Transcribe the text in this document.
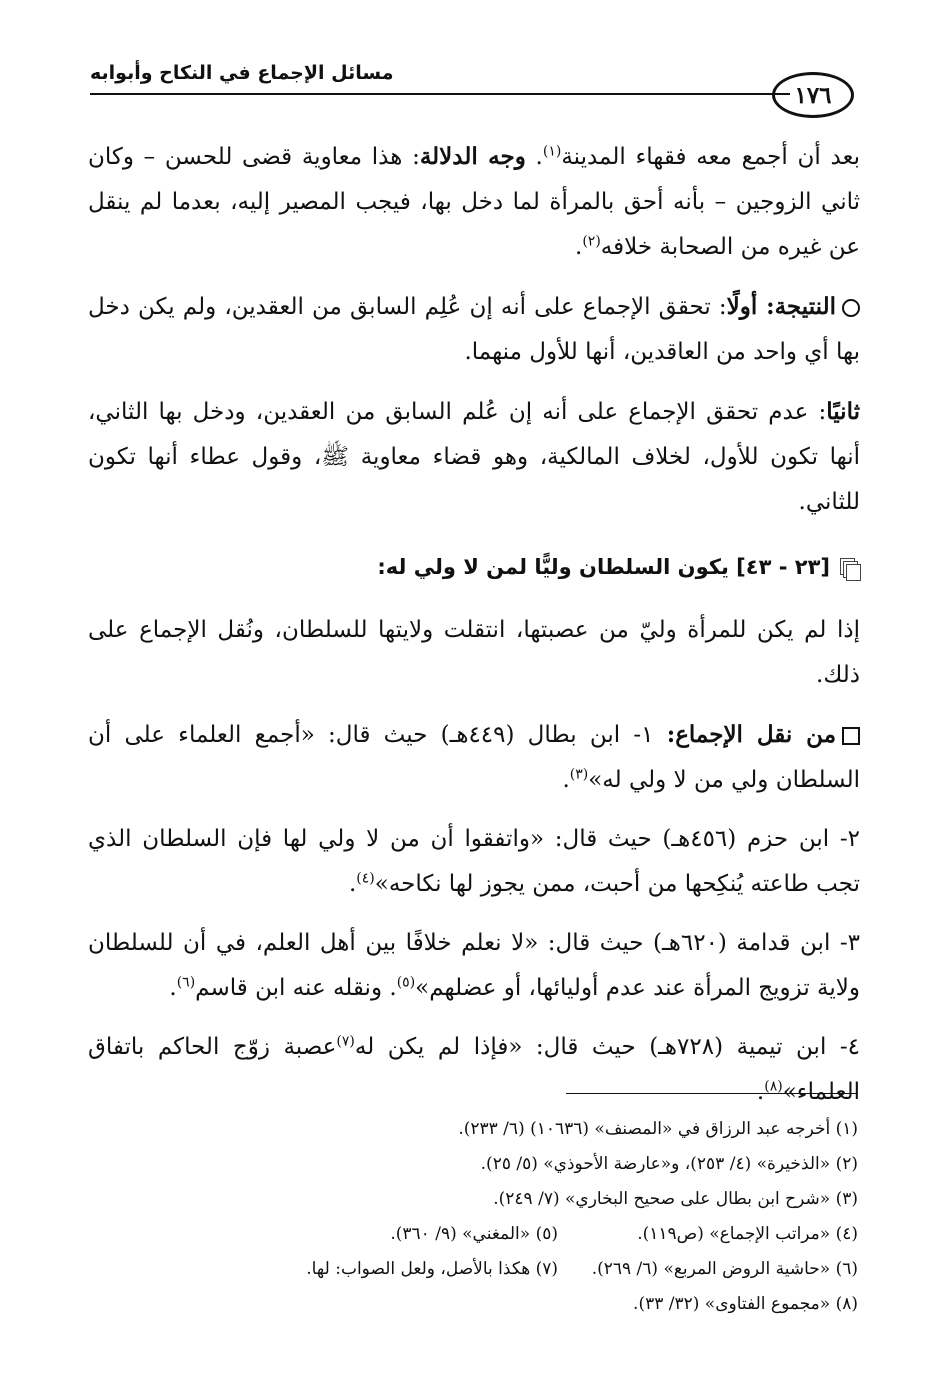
١٧٦
مسائل الإجماع في النكاح وأبوابه

بعد أن أجمع معه فقهاء المدينة$^{(١)}$. وجه الدلالة: هذا معاوية قضى للحسن – وكان ثاني الزوجين – بأنه أحق بالمرأة لما دخل بها، فيجب المصير إليه، بعدما لم ينقل عن غيره من الصحابة خلافه$^{(٢)}$.

النتيجة: أولًا: تحقق الإجماع على أنه إن عُلِم السابق من العقدين، ولم يكن دخل بها أي واحد من العاقدين، أنها للأول منهما.

ثانيًا: عدم تحقق الإجماع على أنه إن عُلم السابق من العقدين، ودخل بها الثاني، أنها تكون للأول، لخلاف المالكية، وهو قضاء معاوية ﷺ، وقول عطاء أنها تكون للثاني.

[٢٣ - ٤٣] يكون السلطان وليًّا لمن لا ولي له:

إذا لم يكن للمرأة وليّ من عصبتها، انتقلت ولايتها للسلطان، ونُقل الإجماع على ذلك.

من نقل الإجماع: ١- ابن بطال (٤٤٩هـ) حيث قال: «أجمع العلماء على أن السلطان ولي من لا ولي له»$^{(٣)}$.

٢- ابن حزم (٤٥٦هـ) حيث قال: «واتفقوا أن من لا ولي لها فإن السلطان الذي تجب طاعته يُنكِحها من أحبت، ممن يجوز لها نكاحه»$^{(٤)}$.

٣- ابن قدامة (٦٢٠هـ) حيث قال: «لا نعلم خلافًا بين أهل العلم، في أن للسلطان ولاية تزويج المرأة عند عدم أوليائها، أو عضلهم»$^{(٥)}$. ونقله عنه ابن قاسم$^{(٦)}$.

٤- ابن تيمية (٧٢٨هـ) حيث قال: «فإذا لم يكن له$^{(٧)}$عصبة زوّج الحاكم باتفاق العلماء»$^{(٨)}$.

(١) أخرجه عبد الرزاق في «المصنف» (١٠٦٣٦) (٦/ ٢٣٣).
(٢) «الذخيرة» (٤/ ٢٥٣)، و«عارضة الأحوذي» (٥/ ٢٥).
(٣) «شرح ابن بطال على صحيح البخاري» (٧/ ٢٤٩).
(٤) «مراتب الإجماع» (ص١١٩).
(٥) «المغني» (٩/ ٣٦٠).
(٦) «حاشية الروض المربع» (٦/ ٢٦٩).
(٧) هكذا بالأصل، ولعل الصواب: لها.
(٨) «مجموع الفتاوى» (٣٢/ ٣٣).
